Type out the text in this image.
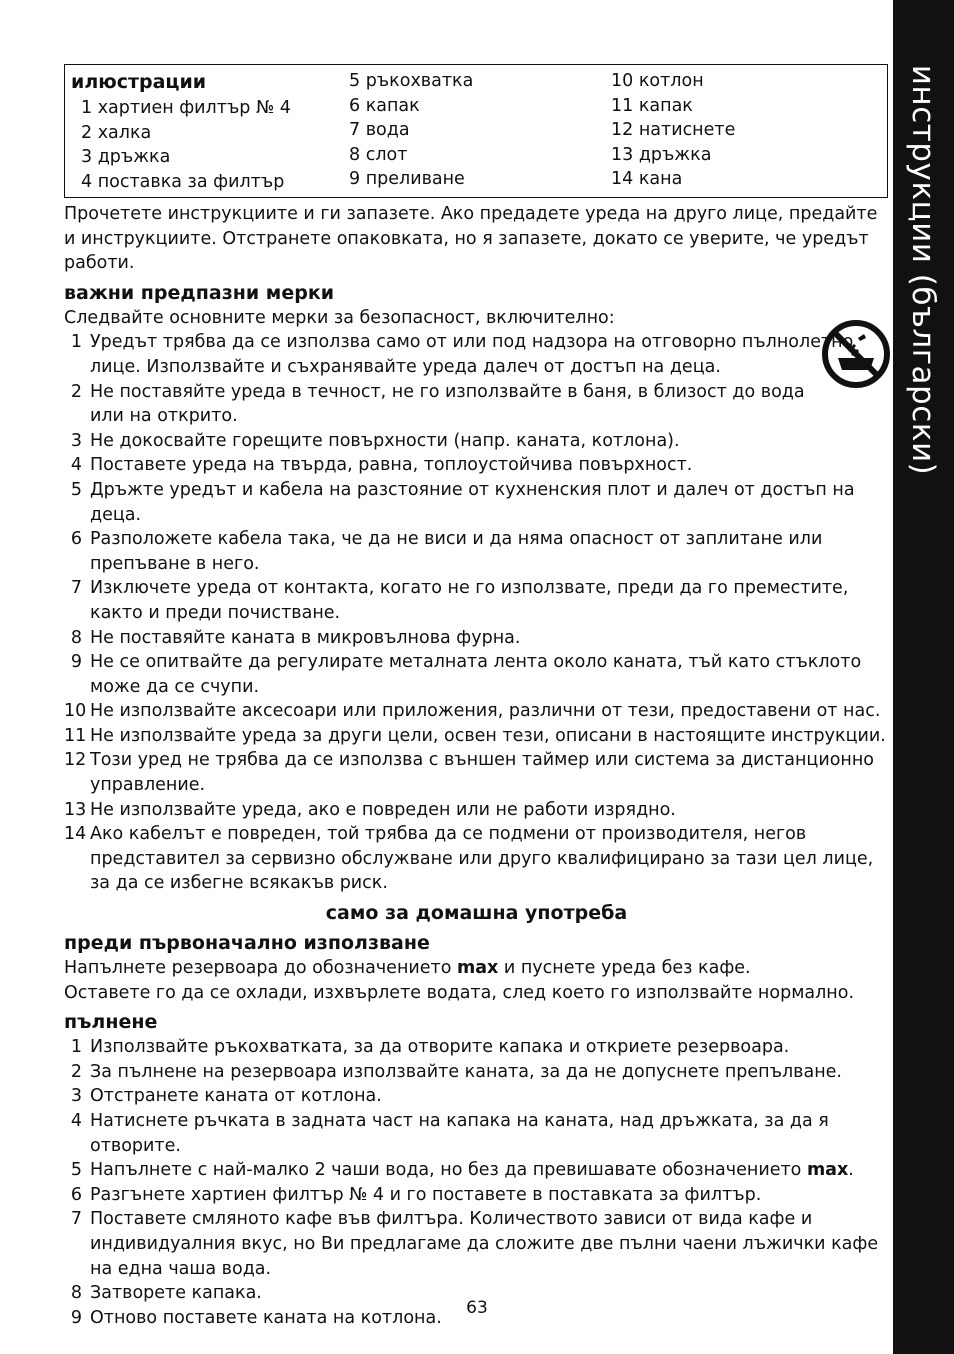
инструкции (български)
илюстрации
1 хартиен филтър № 4
2 халка
3 дръжка
4 поставка за филтър
5 ръкохватка
6 капак
7 вода
8 слот
9 преливане
10 котлон
11 капак
12 натиснете
13 дръжка
14 кана

Прочетете инструкциите и ги запазете. Ако предадете уреда на друго лице, предайте и инструкциите. Отстранете опаковката, но я запазете, докато се уверите, че уредът работи.

важни предпазни мерки

Следвайте основните мерки за безопасност, включително:

1 Уредът трябва да се използва само от или под надзора на отговорно пълнолетно лице. Използвайте и съхранявайте уреда далеч от достъп на деца.
2 Не поставяйте уреда в течност, не го използвайте в баня, в близост до вода или на открито.
3 Не докосвайте горещите повърхности (напр. каната, котлона).
4 Поставете уреда на твърда, равна, топлоустойчива повърхност.
5 Дръжте уредът и кабела на разстояние от кухненския плот и далеч от достъп на деца.
6 Разположете кабела така, че да не виси и да няма опасност от заплитане или препъване в него.
7 Изключете уреда от контакта, когато не го използвате, преди да го преместите, както и преди почистване.
8 Не поставяйте каната в микровълнова фурна.
9 Не се опитвайте да регулирате металната лента около каната, тъй като стъклото може да се счупи.
10 Не използвайте аксесоари или приложения, различни от тези, предоставени от нас.
11 Не използвайте уреда за други цели, освен тези, описани в настоящите инструкции.
12 Този уред не трябва да се използва с външен таймер или система за дистанционно управление.
13 Не използвайте уреда, ако е повреден или не работи изрядно.
14 Ако кабелът е повреден, той трябва да се подмени от производителя, негов представител за сервизно обслужване или друго квалифицирано за тази цел лице, за да се избегне всякакъв риск.
само за домашна употреба
преди първоначално използване

Напълнете резервоара до обозначението max и пуснете уреда без кафе.

Оставете го да се охлади, изхвърлете водата, след което го използвайте нормално.

пълнене
1 Използвайте ръкохватката, за да отворите капака и откриете резервоара.
2 За пълнене на резервоара използвайте каната, за да не допуснете препълване.
3 Отстранете каната от котлона.
4 Натиснете ръчката в задната част на капака на каната, над дръжката, за да я отворите.
5 Напълнете с най-малко 2 чаши вода, но без да превишавате обозначението max.
6 Разгънете хартиен филтър № 4 и го поставете в поставката за филтър.
7 Поставете смляното кафе във филтъра. Количеството зависи от вида кафе и индивидуалния вкус, но Ви предлагаме да сложите две пълни чаени лъжички кафе на една чаша вода.
8 Затворете капака.
9 Отново поставете каната на котлона.	63
